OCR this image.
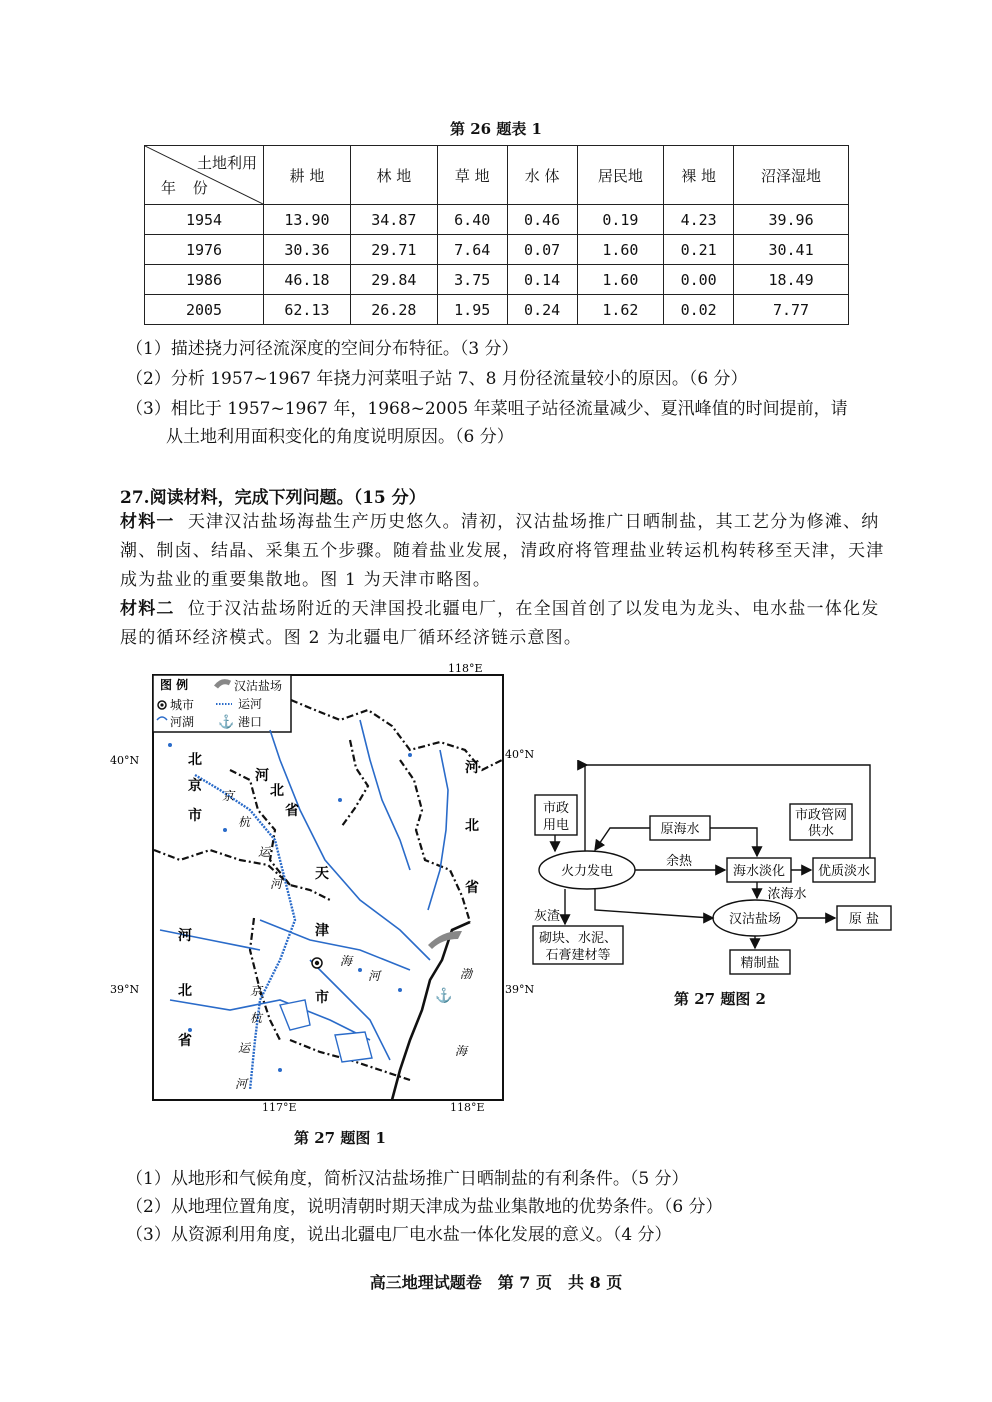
第 26 题表 1
土地利用
年 份	耕 地	林 地	草 地	水 体	居民地	裸 地	沼泽湿地
1954	13.90	34.87	6.40	0.46	0.19	4.23	39.96
1976	30.36	29.71	7.64	0.07	1.60	0.21	30.41
1986	46.18	29.84	3.75	0.14	1.60	0.00	18.49
2005	62.13	26.28	1.95	0.24	1.62	0.02	7.77
（1）描述挠力河径流深度的空间分布特征。（3 分）
（2）分析 1957~1967 年挠力河菜咀子站 7、8 月份径流量较小的原因。（6 分）
（3）相比于 1957~1967 年，1968~2005 年菜咀子站径流量减少、夏汛峰值的时间提前，请
从土地利用面积变化的角度说明原因。（6 分）
27.阅读材料，完成下列问题。（15 分）
材料一 天津汉沽盐场海盐生产历史悠久。清初，汉沽盐场推广日晒制盐，其工艺分为修滩、纳潮、制卤、结晶、采集五个步骤。随着盐业发展，清政府将管理盐业转运机构转移至天津，天津成为盐业的重要集散地。图 1 为天津市略图。
材料二 位于汉沽盐场附近的天津国投北疆电厂，在全国首创了以发电为龙头、电水盐一体化发展的循环经济模式。图 2 为北疆电厂循环经济链示意图。
图 例	汉沽盐场
城市	运河
河湖 ⚓ 港口
118°E
40°N	40°N
39°N	39°N
⚓
北
京
市
河
北
省
河
北
省
河
北
省
天
津
市
京
杭
运
河
京
杭
运
河
海
河	渤
海
117°E	118°E
第 27 题图 1
市政
用电	原海水
市政管网
供水
火力发电	海水淡化	优质淡水
汉沽盐场	原 盐
砌块、水泥、
石膏建材等
精制盐
余热
浓海水
灰渣
第 27 题图 2
（1）从地形和气候角度，简析汉沽盐场推广日晒制盐的有利条件。（5 分）
（2）从地理位置角度，说明清朝时期天津成为盐业集散地的优势条件。（6 分）
（3）从资源利用角度，说出北疆电厂电水盐一体化发展的意义。（4 分）
高三地理试题卷　第 7 页　共 8 页
